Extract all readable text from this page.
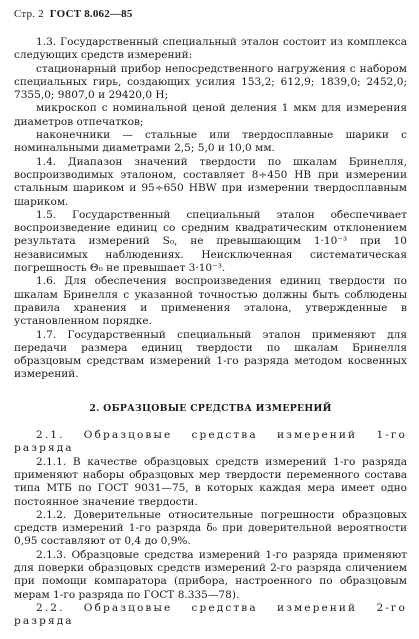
Стр. 2 ГОСТ 8.062—85

1.3. Государственный специальный эталон состоит из комплекса следующих средств измерений:

стационарный прибор непосредственного нагружения с набором специальных гирь, создающих усилия 153,2; 612,9; 1839,0; 2452,0; 7355,0; 9807,0 и 29420,0 Н;

микроскоп с номинальной ценой деления 1 мкм для измерения диаметров отпечатков;

наконечники — стальные или твердосплавные шарики с номинальными диаметрами 2,5; 5,0 и 10,0 мм.

1.4. Диапазон значений твердости по шкалам Бринелля, воспроизводимых эталоном, составляет 8÷450 НВ при измерении стальным шариком и 95÷650 HBW при измерении твердосплавным шариком.

1.5. Государственный специальный эталон обеспечивает воспроизведение единиц со средним квадратическим отклонением результата измерений S₀, не превышающим 1·10⁻³ при 10 независимых наблюдениях. Неисключенная систематическая погрешность Θ₀ не превышает 3·10⁻³.

1.6. Для обеспечения воспроизведения единиц твердости по шкалам Бринелля с указанной точностью должны быть соблюдены правила хранения и применения эталона, утвержденные в установленном порядке.

1.7. Государственный специальный эталон применяют для передачи размера единиц твердости по шкалам Бринелля образцовым средствам измерений 1-го разряда методом косвенных измерений.

2. ОБРАЗЦОВЫЕ СРЕДСТВА ИЗМЕРЕНИЙ

2.1. Образцовые средства измерений 1-го разряда

2.1.1. В качестве образцовых средств измерений 1-го разряда применяют наборы образцовых мер твердости переменного состава типа МТБ по ГОСТ 9031—75, в которых каждая мера имеет одно постоянное значение твердости.

2.1.2. Доверительные относительные погрешности образцовых средств измерений 1-го разряда δ₀ при доверительной вероятности 0,95 составляют от 0,4 до 0,9%.

2.1.3. Образцовые средства измерений 1-го разряда применяют для поверки образцовых средств измерений 2-го разряда сличением при помощи компаратора (прибора, настроенного по образцовым мерам 1-го разряда по ГОСТ 8.335—78).

2.2. Образцовые средства измерений 2-го разряда
